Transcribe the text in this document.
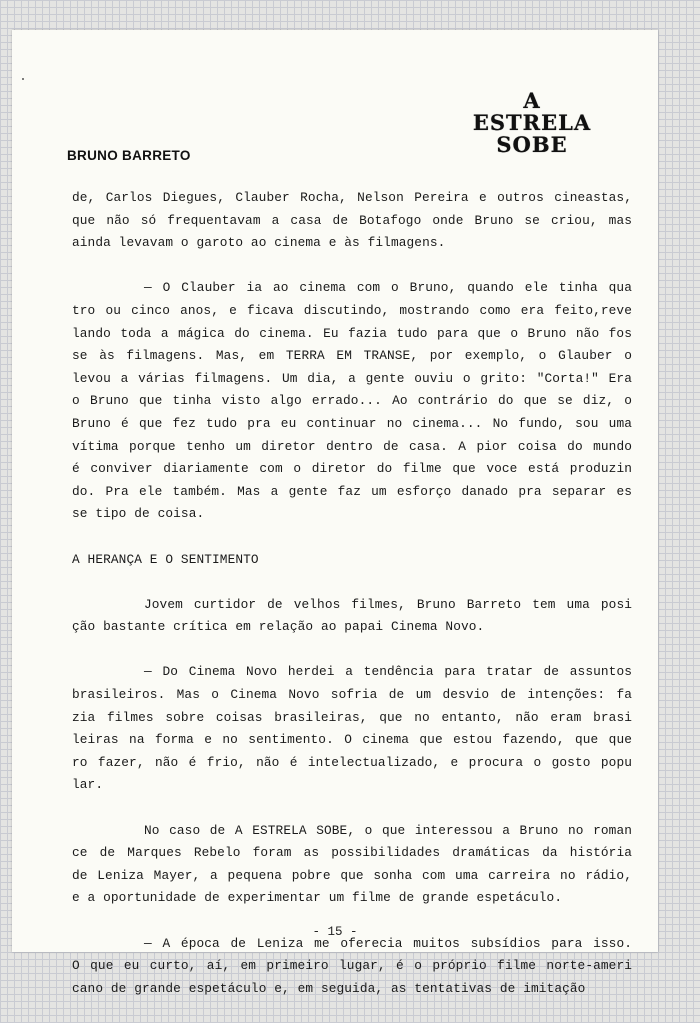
A
ESTRELA
SOBE
BRUNO BARRETO
de, Carlos Diegues, Clauber Rocha, Nelson Pereira e outros cineastas,
que não só frequentavam a casa de Botafogo onde Bruno se criou, mas
ainda levavam o garoto ao cinema e às filmagens.
— O Clauber ia ao cinema com o Bruno, quando ele tinha qua
tro ou cinco anos, e ficava discutindo, mostrando como era feito,reve
lando toda a mágica do cinema. Eu fazia tudo para que o Bruno não fos
se às filmagens. Mas, em TERRA EM TRANSE, por exemplo, o Glauber o
levou a várias filmagens. Um dia, a gente ouviu o grito: "Corta!" Era
o Bruno que tinha visto algo errado... Ao contrário do que se diz, o
Bruno é que fez tudo pra eu continuar no cinema... No fundo, sou uma
vítima porque tenho um diretor dentro de casa. A pior coisa do mundo
é conviver diariamente com o diretor do filme que voce está produzin
do. Pra ele também. Mas a gente faz um esforço danado pra separar es
se tipo de coisa.
A HERANÇA E O SENTIMENTO
Jovem curtidor de velhos filmes, Bruno Barreto tem uma posi
ção bastante crítica em relação ao papai Cinema Novo.
— Do Cinema Novo herdei a tendência para tratar de assuntos
brasileiros. Mas o Cinema Novo sofria de um desvio de intenções: fa
zia filmes sobre coisas brasileiras, que no entanto, não eram brasi
leiras na forma e no sentimento. O cinema que estou fazendo, que que
ro fazer, não é frio, não é intelectualizado, e procura o gosto popu
lar.
No caso de A ESTRELA SOBE, o que interessou a Bruno no roman
ce de Marques Rebelo foram as possibilidades dramáticas da história
de Leniza Mayer, a pequena pobre que sonha com uma carreira no rádio,
e a oportunidade de experimentar um filme de grande espetáculo.
— A época de Leniza me oferecia muitos subsídios para isso.
O que eu curto, aí, em primeiro lugar, é o próprio filme norte-ameri
cano de grande espetáculo e, em seguida, as tentativas de imitação
- 15 -
